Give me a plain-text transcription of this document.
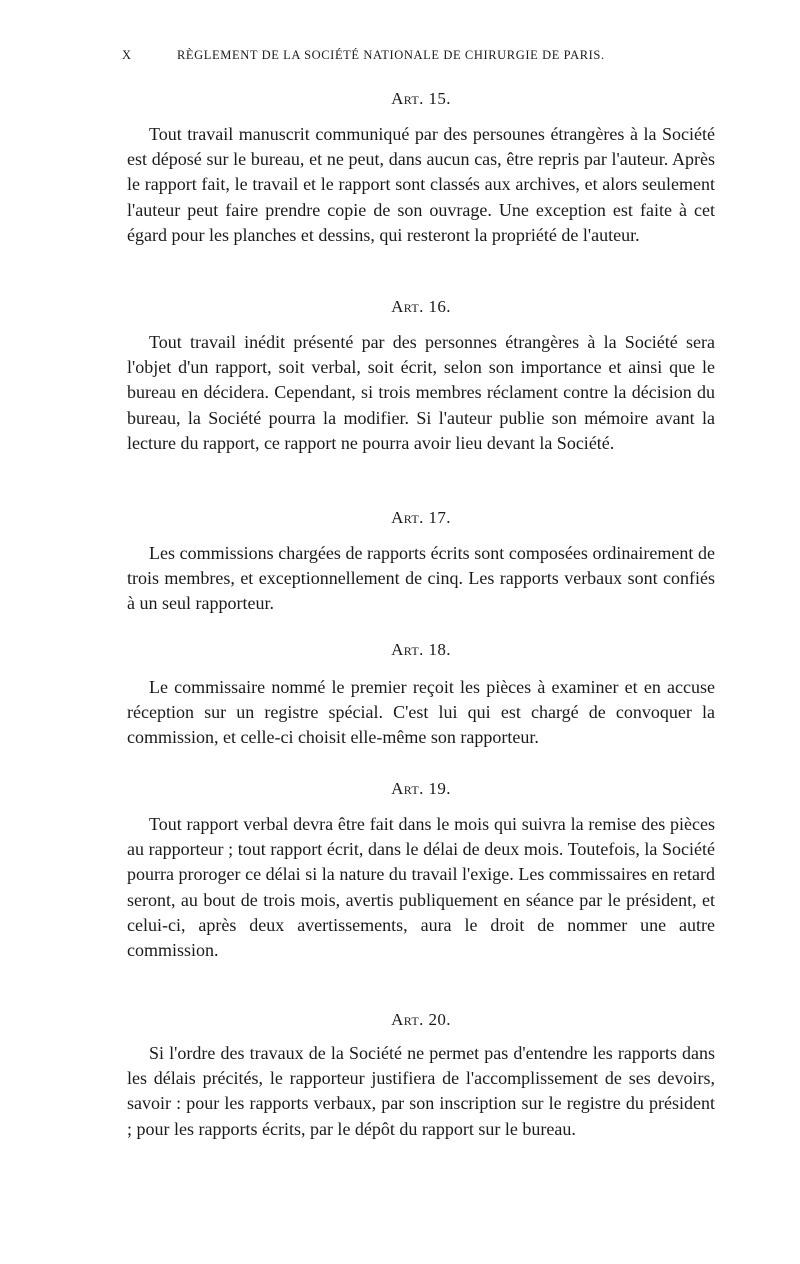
X	RÈGLEMENT DE LA SOCIÉTÉ NATIONALE DE CHIRURGIE DE PARIS.
Art. 15.

Tout travail manuscrit communiqué par des persounes étrangères à la Société est déposé sur le bureau, et ne peut, dans aucun cas, être repris par l'auteur. Après le rapport fait, le travail et le rapport sont classés aux archives, et alors seulement l'auteur peut faire prendre copie de son ouvrage. Une exception est faite à cet égard pour les planches et dessins, qui resteront la propriété de l'auteur.

Art. 16.

Tout travail inédit présenté par des personnes étrangères à la Société sera l'objet d'un rapport, soit verbal, soit écrit, selon son importance et ainsi que le bureau en décidera. Cependant, si trois membres réclament contre la décision du bureau, la Société pourra la modifier. Si l'auteur publie son mémoire avant la lecture du rapport, ce rapport ne pourra avoir lieu devant la Société.

Art. 17.

Les commissions chargées de rapports écrits sont composées ordinairement de trois membres, et exceptionnellement de cinq. Les rapports verbaux sont confiés à un seul rapporteur.

Art. 18.

Le commissaire nommé le premier reçoit les pièces à examiner et en accuse réception sur un registre spécial. C'est lui qui est chargé de convoquer la commission, et celle-ci choisit elle-même son rapporteur.

Art. 19.

Tout rapport verbal devra être fait dans le mois qui suivra la remise des pièces au rapporteur ; tout rapport écrit, dans le délai de deux mois. Toutefois, la Société pourra proroger ce délai si la nature du travail l'exige. Les commissaires en retard seront, au bout de trois mois, avertis publiquement en séance par le président, et celui-ci, après deux avertissements, aura le droit de nommer une autre commission.

Art. 20.

Si l'ordre des travaux de la Société ne permet pas d'entendre les rapports dans les délais précités, le rapporteur justifiera de l'accomplissement de ses devoirs, savoir : pour les rapports verbaux, par son inscription sur le registre du président ; pour les rapports écrits, par le dépôt du rapport sur le bureau.
